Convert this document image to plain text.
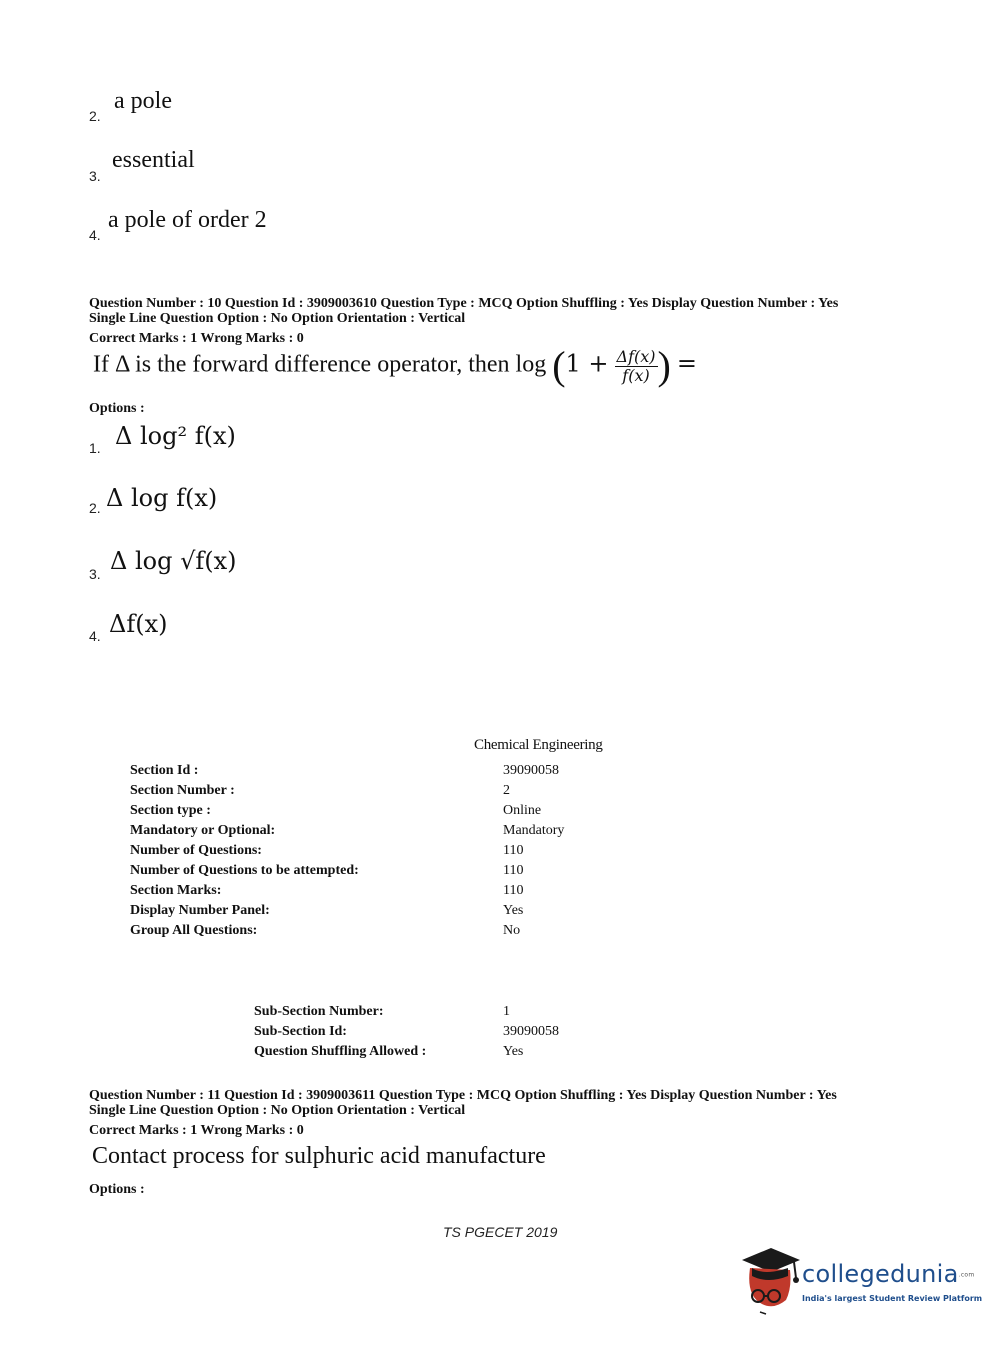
2.
a pole
3.
essential
4.
a pole of order 2
Question Number : 10 Question Id : 3909003610 Question Type : MCQ Option Shuffling : Yes Display Question Number : Yes
Single Line Question Option : No Option Orientation : Vertical
Correct Marks : 1 Wrong Marks : 0
If Δ is the forward difference operator, then $\log (1 + \frac{\Delta f(x)}{f(x)}$ ) =
Options :
1. Δ log² f(x)
2. Δ log f(x)
3. Δ log √f(x)
4. Δf(x)
Chemical Engineering
Section Id :	39090058
Section Number :	2
Section type :	Online
Mandatory or Optional:	Mandatory
Number of Questions:	110
Number of Questions to be attempted:	110
Section Marks:	110
Display Number Panel:	Yes
Group All Questions:	No
Sub-Section Number:	1
Sub-Section Id:	39090058
Question Shuffling Allowed :	Yes
Question Number : 11 Question Id : 3909003611 Question Type : MCQ Option Shuffling : Yes Display Question Number : Yes
Single Line Question Option : No Option Orientation : Vertical
Correct Marks : 1 Wrong Marks : 0
Contact process for sulphuric acid manufacture
Options :
TS PGECET 2019
collegedunia.com
India's largest Student Review Platform
